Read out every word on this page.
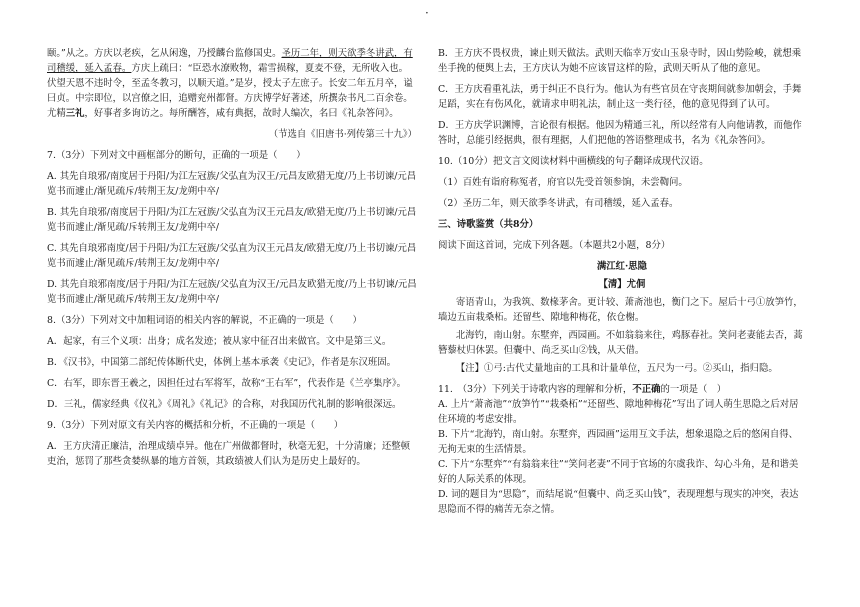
·

颐。”从之。方庆以老疾，乞从闲逸，乃授麟台监修国史。圣历二年，则天欲季冬讲武，有司稽缓，延入孟春。方庆上疏曰：“臣恐水潦败物，霜雪损稼，夏麦不登，无所收入也。伏望天恩不违时令，至孟冬教习，以顺天道。”是岁，授太子左庶子。长安二年五月卒，谥曰贞。中宗即位，以宫僚之旧，追赠兖州都督。方庆博学好著述，所撰杂书凡二百余卷。尤精三礼，好事者多询访之。每所酬答，咸有典据，故时人编次，名曰《礼杂答问》。

（节选自《旧唐书·列传第三十九》）

7.（3分）下列对文中画框部分的断句，正确的一项是（　　）

A. 其先自琅邪/南度居于丹阳/为江左冠族/父弘直为汉王/元昌友欧猎无度/乃上书切谏/元昌览书而遽止/渐见疏斥/转荆王友/龙朔中卒/

B. 其先自琅邪/南度居于丹阳/为江左冠族/父弘直为汉王元昌友/欧猎无度/乃上书切谏/元昌览书而遽止/渐见疏/斥转荆王友/龙朔中卒/

C. 其先自琅邪南度/居于丹阳/为江左冠族/父弘直为汉王元昌友/欧猎无度/乃上书切谏/元昌览书而遽止/渐见疏斥/转荆王友/龙朔中卒/

D. 其先自琅邪南度/居于丹阳/为江左冠族/父弘直为汉王/元昌友欧猎无度/乃上书切谏/元昌览书而遽止/渐见疏斥/转荆王友/龙朔中卒/

8.（3分）下列对文中加粗词语的相关内容的解说，不正确的一项是（　　）

A．起家，有三个义项：出身；成名发迹；被从家中征召出来做官。文中是第三义。

B．《汉书》，中国第二部纪传体断代史，体例上基本承袭《史记》，作者是东汉班固。

C．右军，即东晋王羲之，因担任过右军将军，故称“王右军”，代表作是《兰亭集序》。

D．三礼，儒家经典《仪礼》《周礼》《礼记》的合称，对我国历代礼制的影响很深远。

9.（3分）下列对原文有关内容的概括和分析，不正确的一项是（　　）

A．王方庆清正廉洁，治理成绩卓异。他在广州做都督时，秋毫无犯，十分清廉；还整顿吏治，惩罚了那些贪婪纵暴的地方首领，其政绩被人们认为是历史上最好的。

B．王方庆不畏权贵，谏止则天做法。武则天临幸万安山玉泉寺时，因山势险峻，就想乘坐手挽的便舆上去，王方庆认为她不应该冒这样的险，武则天听从了他的意见。

C．王方庆看重礼法，勇于纠正不良行为。他认为有些官员在守丧期间就参加朝会，手舞足蹈，实在有伤风化，就请求申明礼法，制止这一类行径，他的意见得到了认可。

D．王方庆学识渊博，言论很有根据。他因为精通三礼，所以经常有人向他请教，而他作答时，总能引经据典，很有理据，人们把他的答语整理成书，名为《礼杂答问》。

10.（10分）把文言文阅读材料中画横线的句子翻译成现代汉语。

（1）百姓有诣府称冤者，府官以先受首领参饷，未尝鞫问。

（2）圣历二年，则天欲季冬讲武，有司稽缓，延入孟春。

三、诗歌鉴赏（共8分）

阅读下面这首词，完成下列各题。（本题共2小题，8分）

满江红·思隐

【清】尤侗

寄语青山，为我筑、数椽茅舍。更计较、萧斋池也，衡门之下。屋后十弓①放笋竹，墙边五亩栽桑柘。还留些、隙地种梅花，依仓榭。

北海钓，南山射。东墅弈，西园画。不如翁翁来往，鸡豚春社。笑问老妻能去否，蒿簪藜杖归休罢。但囊中、尚乏买山②钱，从天借。

【注】①弓:古代丈量地亩的工具和计量单位，五尺为一弓。②买山，指归隐。

11.　（3分）下列关于诗歌内容的理解和分析，不正确的一项是（　）

A. 上片“萧斋池”“放笋竹”“栽桑柘”“还留些、隙地种梅花”写出了词人萌生思隐之后对居住环境的考虑安排。

B. 下片“北海钓，南山射。东墅弈，西园画”运用互文手法，想象退隐之后的悠闲自得、无拘无束的生活情景。

C. 下片“东墅弈”“有翁翁来往”“笑问老妻”不同于官场的尔虞我诈、勾心斗角，是和谐美好的人际关系的体现。

D. 词的题目为“思隐”，而结尾说“但囊中、尚乏买山钱”，表现理想与现实的冲突，表达思隐而不得的痛苦无奈之情。
